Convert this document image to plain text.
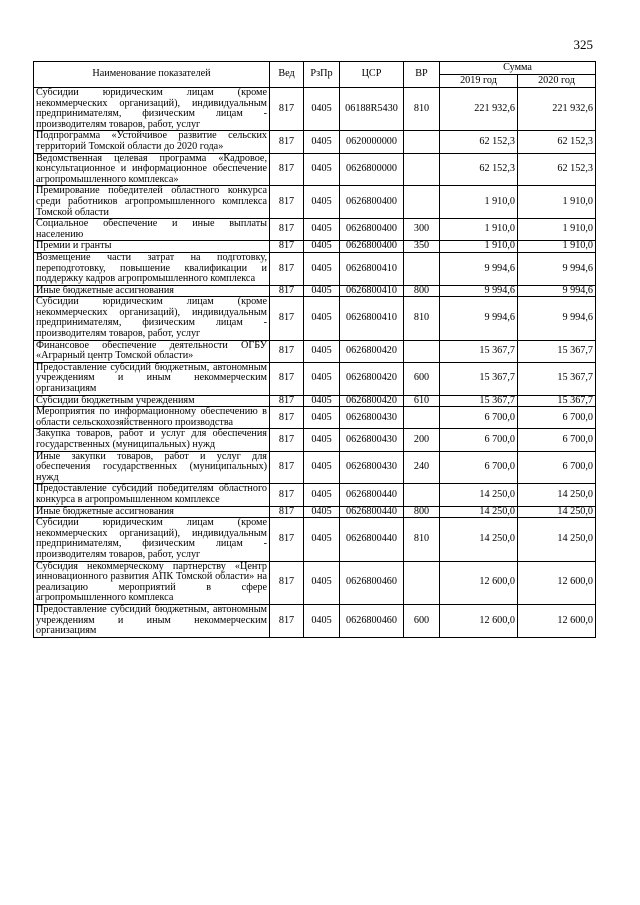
325
Наименование показателей	Вед	РзПр	ЦСР	ВР	Сумма	
					2019 год	2020 год
Субсидии юридическим лицам (кроме некоммерческих организаций), индивидуальным предпринимателям, физическим лицам - производителям товаров, работ, услуг	817	0405	06188R5430	810	221 932,6	221 932,6
Подпрограмма «Устойчивое развитие сельских территорий Томской области до 2020 года»	817	0405	0620000000		62 152,3	62 152,3
Ведомственная целевая программа «Кадровое, консультационное и информационное обеспечение агропромышленного комплекса»	817	0405	0626800000		62 152,3	62 152,3
Премирование победителей областного конкурса среди работников агропромышленного комплекса Томской области	817	0405	0626800400		1 910,0	1 910,0
Социальное обеспечение и иные выплаты населению	817	0405	0626800400	300	1 910,0	1 910,0
Премии и гранты	817	0405	0626800400	350	1 910,0	1 910,0
Возмещение части затрат на подготовку, переподготовку, повышение квалификации и поддержку кадров агропромышленного комплекса	817	0405	0626800410		9 994,6	9 994,6
Иные бюджетные ассигнования	817	0405	0626800410	800	9 994,6	9 994,6
Субсидии юридическим лицам (кроме некоммерческих организаций), индивидуальным предпринимателям, физическим лицам - производителям товаров, работ, услуг	817	0405	0626800410	810	9 994,6	9 994,6
Финансовое обеспечение деятельности ОГБУ «Аграрный центр Томской области»	817	0405	0626800420		15 367,7	15 367,7
Предоставление субсидий бюджетным, автономным учреждениям и иным некоммерческим организациям	817	0405	0626800420	600	15 367,7	15 367,7
Субсидии бюджетным учреждениям	817	0405	0626800420	610	15 367,7	15 367,7
Мероприятия по информационному обеспечению в области сельскохозяйственного производства	817	0405	0626800430		6 700,0	6 700,0
Закупка товаров, работ и услуг для обеспечения государственных (муниципальных) нужд	817	0405	0626800430	200	6 700,0	6 700,0
Иные закупки товаров, работ и услуг для обеспечения государственных (муниципальных) нужд	817	0405	0626800430	240	6 700,0	6 700,0
Предоставление субсидий победителям областного конкурса в агропромышленном комплексе	817	0405	0626800440		14 250,0	14 250,0
Иные бюджетные ассигнования	817	0405	0626800440	800	14 250,0	14 250,0
Субсидии юридическим лицам (кроме некоммерческих организаций), индивидуальным предпринимателям, физическим лицам - производителям товаров, работ, услуг	817	0405	0626800440	810	14 250,0	14 250,0
Субсидия некоммерческому партнерству «Центр инновационного развития АПК Томской области» на реализацию мероприятий в сфере агропромышленного комплекса	817	0405	0626800460		12 600,0	12 600,0
Предоставление субсидий бюджетным, автономным учреждениям и иным некоммерческим организациям	817	0405	0626800460	600	12 600,0	12 600,0
